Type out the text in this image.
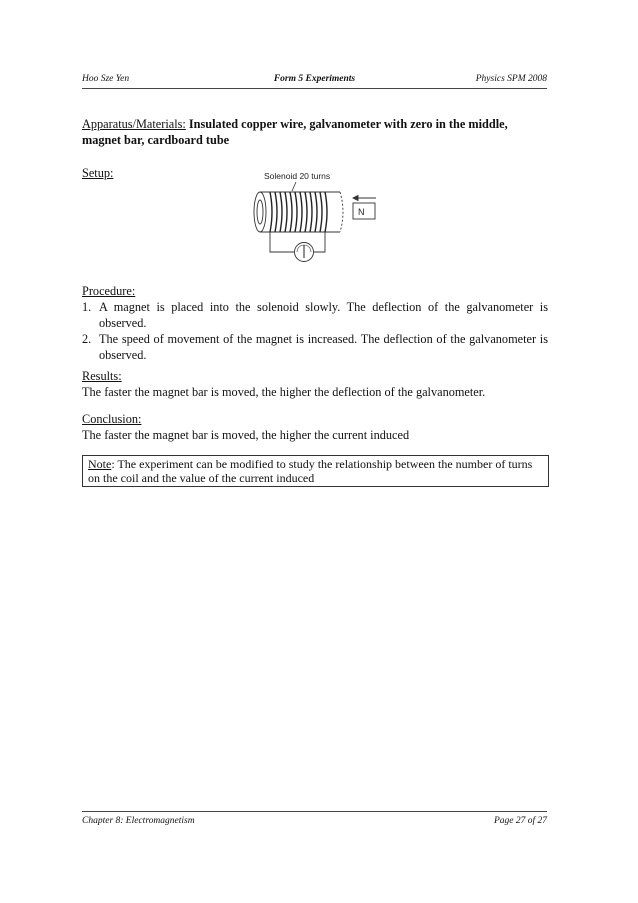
Hoo Sze Yen	Form 5 Experiments	Physics SPM 2008
Apparatus/Materials: Insulated copper wire, galvanometer with zero in the middle, magnet bar, cardboard tube
Setup:	Solenoid 20 turns
N
Procedure:
1. A magnet is placed into the solenoid slowly. The deflection of the galvanometer is observed.
2. The speed of movement of the magnet is increased. The deflection of the galvanometer is observed.
Results:
The faster the magnet bar is moved, the higher the deflection of the galvanometer.
Conclusion:
The faster the magnet bar is moved, the higher the current induced
Note: The experiment can be modified to study the relationship between the number of turns on the coil and the value of the current induced
Chapter 8: Electromagnetism	Page 27 of 27
